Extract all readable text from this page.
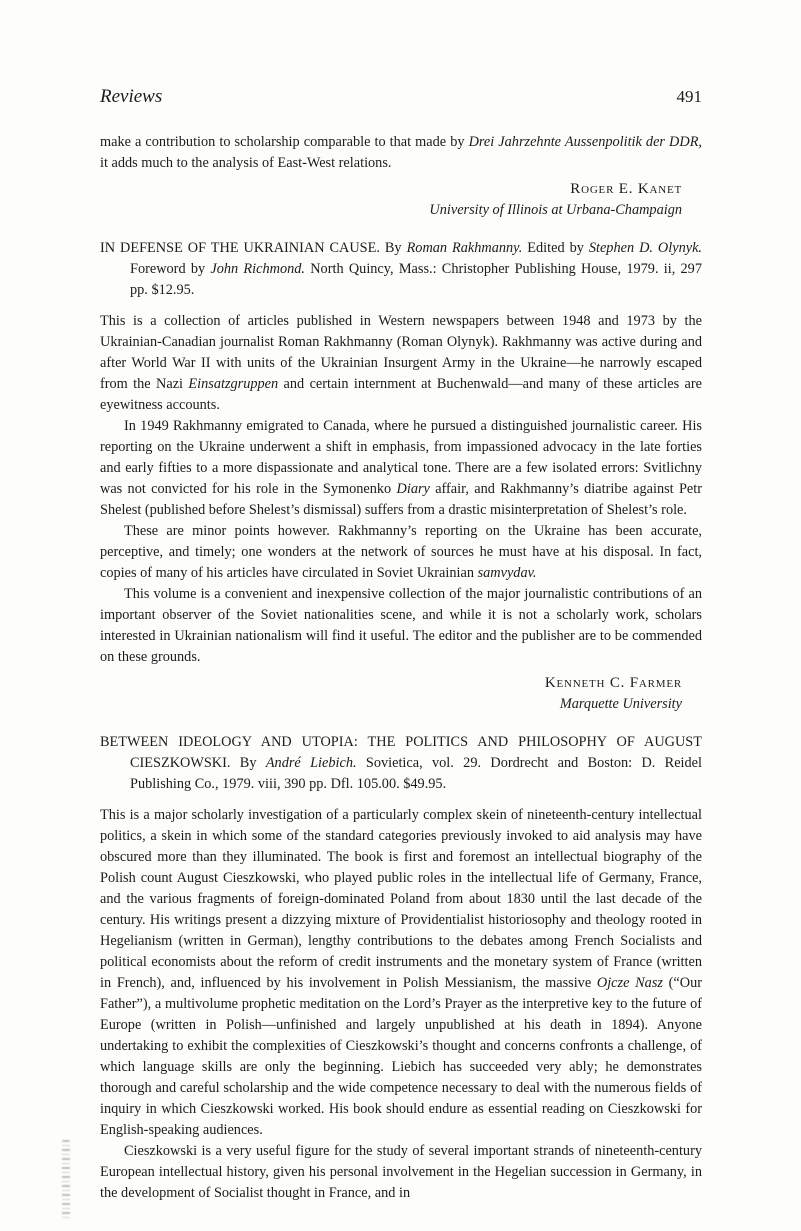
Reviews	491

make a contribution to scholarship comparable to that made by Drei Jahrzehnte Aussenpolitik der DDR, it adds much to the analysis of East-West relations.

Roger E. Kanet
University of Illinois at Urbana-Champaign

IN DEFENSE OF THE UKRAINIAN CAUSE. By Roman Rakhmanny. Edited by Stephen D. Olynyk. Foreword by John Richmond. North Quincy, Mass.: Christopher Publishing House, 1979. ii, 297 pp. $12.95.

This is a collection of articles published in Western newspapers between 1948 and 1973 by the Ukrainian-Canadian journalist Roman Rakhmanny (Roman Olynyk). Rakhmanny was active during and after World War II with units of the Ukrainian Insurgent Army in the Ukraine—he narrowly escaped from the Nazi Einsatzgruppen and certain internment at Buchenwald—and many of these articles are eyewitness accounts.

In 1949 Rakhmanny emigrated to Canada, where he pursued a distinguished journalistic career. His reporting on the Ukraine underwent a shift in emphasis, from impassioned advocacy in the late forties and early fifties to a more dispassionate and analytical tone. There are a few isolated errors: Svitlichny was not convicted for his role in the Symonenko Diary affair, and Rakhmanny’s diatribe against Petr Shelest (published before Shelest’s dismissal) suffers from a drastic misinterpretation of Shelest’s role.

These are minor points however. Rakhmanny’s reporting on the Ukraine has been accurate, perceptive, and timely; one wonders at the network of sources he must have at his disposal. In fact, copies of many of his articles have circulated in Soviet Ukrainian samvydav.

This volume is a convenient and inexpensive collection of the major journalistic contributions of an important observer of the Soviet nationalities scene, and while it is not a scholarly work, scholars interested in Ukrainian nationalism will find it useful. The editor and the publisher are to be commended on these grounds.

Kenneth C. Farmer
Marquette University

BETWEEN IDEOLOGY AND UTOPIA: THE POLITICS AND PHILOSOPHY OF AUGUST CIESZKOWSKI. By André Liebich. Sovietica, vol. 29. Dordrecht and Boston: D. Reidel Publishing Co., 1979. viii, 390 pp. Dfl. 105.00. $49.95.

This is a major scholarly investigation of a particularly complex skein of nineteenth-century intellectual politics, a skein in which some of the standard categories previously invoked to aid analysis may have obscured more than they illuminated. The book is first and foremost an intellectual biography of the Polish count August Cieszkowski, who played public roles in the intellectual life of Germany, France, and the various fragments of foreign-dominated Poland from about 1830 until the last decade of the century. His writings present a dizzying mixture of Providentialist historiosophy and theology rooted in Hegelianism (written in German), lengthy contributions to the debates among French Socialists and political economists about the reform of credit instruments and the monetary system of France (written in French), and, influenced by his involvement in Polish Messianism, the massive Ojcze Nasz (“Our Father”), a multivolume prophetic meditation on the Lord’s Prayer as the interpretive key to the future of Europe (written in Polish—unfinished and largely unpublished at his death in 1894). Anyone undertaking to exhibit the complexities of Cieszkowski’s thought and concerns confronts a challenge, of which language skills are only the beginning. Liebich has succeeded very ably; he demonstrates thorough and careful scholarship and the wide competence necessary to deal with the numerous fields of inquiry in which Cieszkowski worked. His book should endure as essential reading on Cieszkowski for English-speaking audiences.

Cieszkowski is a very useful figure for the study of several important strands of nineteenth-century European intellectual history, given his personal involvement in the Hegelian succession in Germany, in the development of Socialist thought in France, and in
